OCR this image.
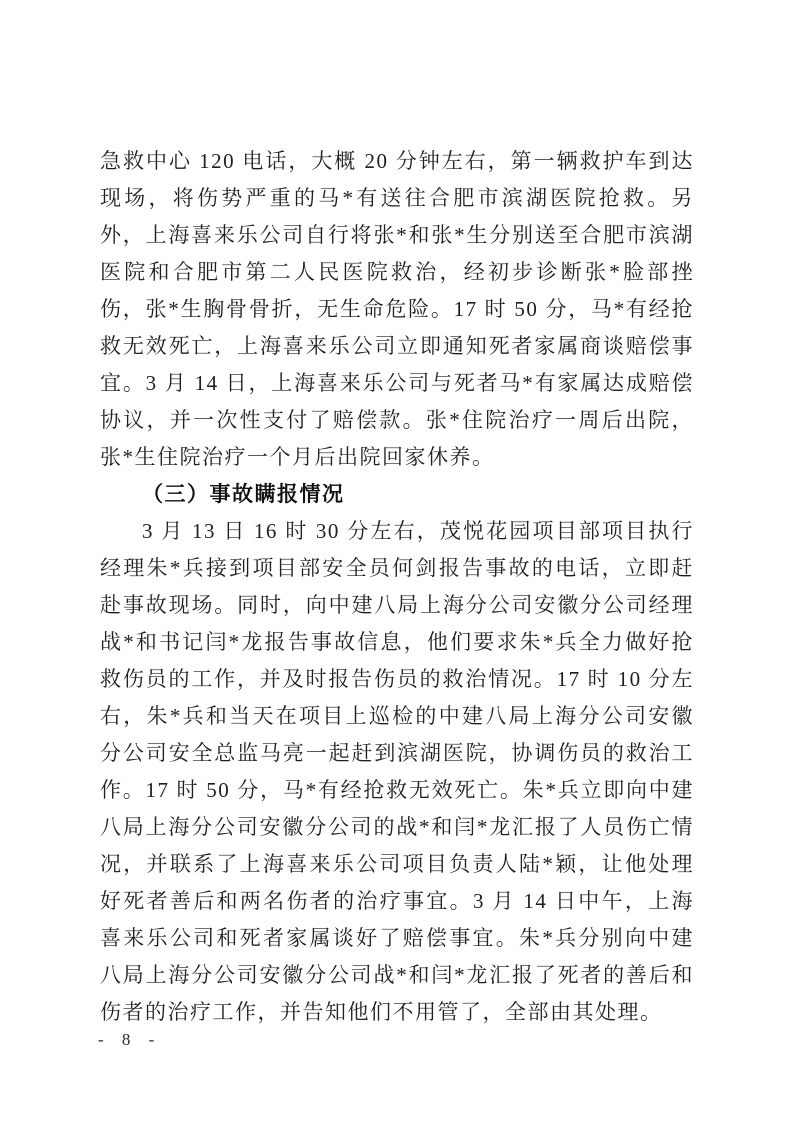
急救中心 120 电话，大概 20 分钟左右，第一辆救护车到达现场，将伤势严重的马*有送往合肥市滨湖医院抢救。另外，上海喜来乐公司自行将张*和张*生分别送至合肥市滨湖医院和合肥市第二人民医院救治，经初步诊断张*脸部挫伤，张*生胸骨骨折，无生命危险。17 时 50 分，马*有经抢救无效死亡，上海喜来乐公司立即通知死者家属商谈赔偿事宜。3 月 14 日，上海喜来乐公司与死者马*有家属达成赔偿协议，并一次性支付了赔偿款。张*住院治疗一周后出院，张*生住院治疗一个月后出院回家休养。

（三）事故瞒报情况

3 月 13 日 16 时 30 分左右，茂悦花园项目部项目执行经理朱*兵接到项目部安全员何剑报告事故的电话，立即赶赴事故现场。同时，向中建八局上海分公司安徽分公司经理战*和书记闫*龙报告事故信息，他们要求朱*兵全力做好抢救伤员的工作，并及时报告伤员的救治情况。17 时 10 分左右，朱*兵和当天在项目上巡检的中建八局上海分公司安徽分公司安全总监马亮一起赶到滨湖医院，协调伤员的救治工作。17 时 50 分，马*有经抢救无效死亡。朱*兵立即向中建八局上海分公司安徽分公司的战*和闫*龙汇报了人员伤亡情况，并联系了上海喜来乐公司项目负责人陆*颖，让他处理好死者善后和两名伤者的治疗事宜。3 月 14 日中午，上海喜来乐公司和死者家属谈好了赔偿事宜。朱*兵分别向中建八局上海分公司安徽分公司战*和闫*龙汇报了死者的善后和伤者的治疗工作，并告知他们不用管了，全部由其处理。

- 8 -
